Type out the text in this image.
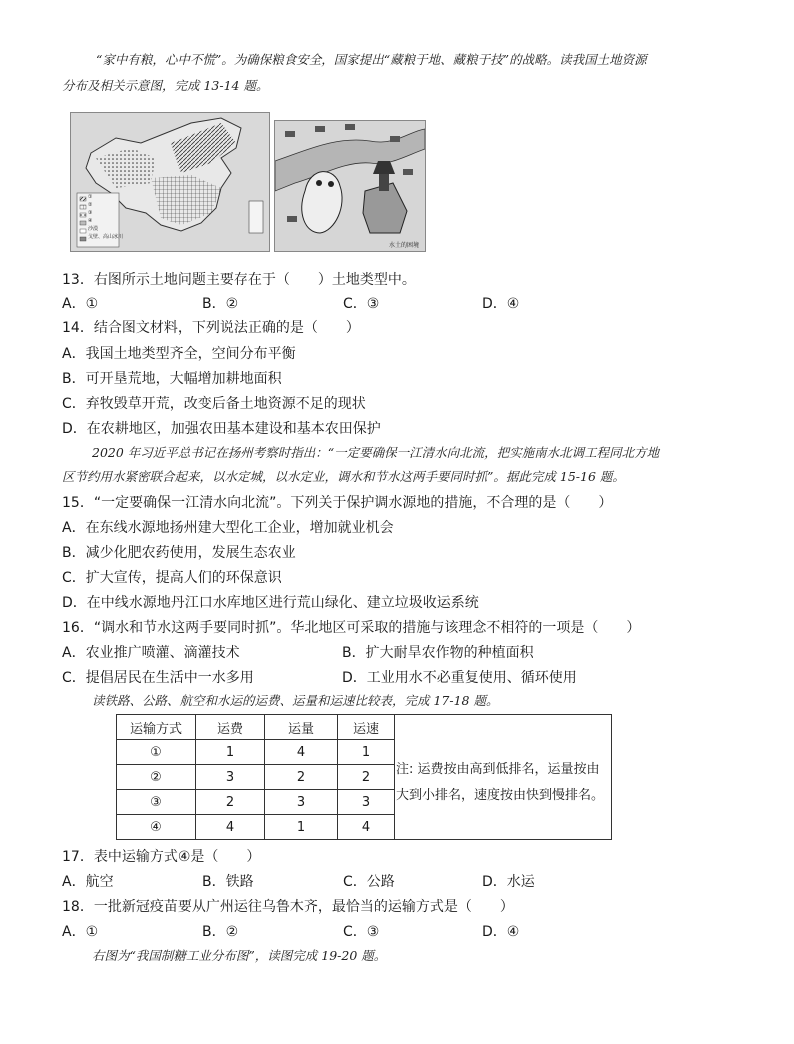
“家中有粮，心中不慌”。为确保粮食安全，国家提出“藏粮于地、藏粮于技”的战略。读我国土地资源
分布及相关示意图，完成 13-14 题。
①
②
③
④
沙漠
戈壁、高山冰川
水土的困境
13．右图所示土地问题主要存在于（　　）土地类型中。
A．①	B．②	C．③	D．④
14．结合图文材料，下列说法正确的是（　　）
A．我国土地类型齐全，空间分布平衡
B．可开垦荒地，大幅增加耕地面积
C．弃牧毁草开荒，改变后备土地资源不足的现状
D．在农耕地区，加强农田基本建设和基本农田保护
2020 年习近平总书记在扬州考察时指出：“一定要确保一江清水向北流，把实施南水北调工程同北方地
区节约用水紧密联合起来，以水定城，以水定业，调水和节水这两手要同时抓”。据此完成 15-16 题。
15．“一定要确保一江清水向北流”。下列关于保护调水源地的措施，不合理的是（　　）
A．在东线水源地扬州建大型化工企业，增加就业机会
B．减少化肥农药使用，发展生态农业
C．扩大宣传，提高人们的环保意识
D．在中线水源地丹江口水库地区进行荒山绿化、建立垃圾收运系统
16．“调水和节水这两手要同时抓”。华北地区可采取的措施与该理念不相符的一项是（　　）
A．农业推广喷灌、滴灌技术	B．扩大耐旱农作物的种植面积
C．提倡居民在生活中一水多用	D．工业用水不必重复使用、循环使用
读铁路、公路、航空和水运的运费、运量和运速比较表，完成 17-18 题。
运输方式	运费	运量	运速
①	1	4	1
②	3	2	2
③	2	3	3
④	4	1	4
注: 运费按由高到低排名，运量按由大到小排名，速度按由快到慢排名。
17．表中运输方式④是（　　）
A．航空	B．铁路	C．公路	D．水运
18．一批新冠疫苗要从广州运往乌鲁木齐，最恰当的运输方式是（　　）
A．①	B．②	C．③	D．④
右图为“我国制糖工业分布图”，读图完成 19-20 题。
